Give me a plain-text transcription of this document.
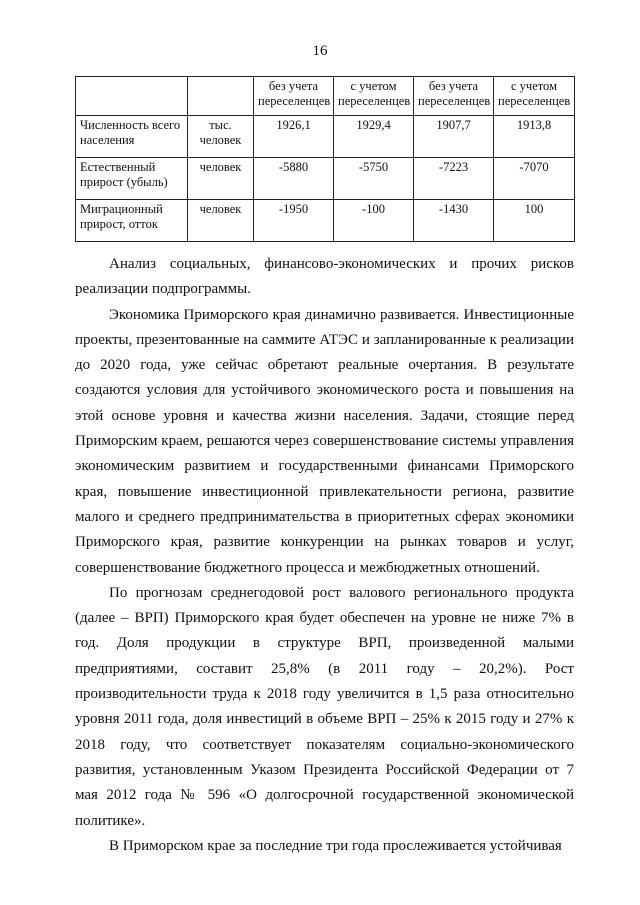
16
		без учета переселенцев	с учетом переселенцев	без учета переселенцев	с учетом переселенцев
Численность всего населения	тыс. человек	1926,1	1929,4	1907,7	1913,8
Естественный прирост (убыль)	человек	-5880	-5750	-7223	-7070
Миграционный прирост, отток	человек	-1950	-100	-1430	100

Анализ социальных, финансово-экономических и прочих рисков реализации подпрограммы.

Экономика Приморского края динамично развивается. Инвестиционные проекты, презентованные на саммите АТЭС и запланированные к реализации до 2020 года, уже сейчас обретают реальные очертания. В результате создаются условия для устойчивого экономического роста и повышения на этой основе уровня и качества жизни населения. Задачи, стоящие перед Приморским краем, решаются через совершенствование системы управления экономическим развитием и государственными финансами Приморского края, повышение инвестиционной привлекательности региона, развитие малого и среднего предпринимательства в приоритетных сферах экономики Приморского края, развитие конкуренции на рынках товаров и услуг, совершенствование бюджетного процесса и межбюджетных отношений.

По прогнозам среднегодовой рост валового регионального продукта (далее – ВРП) Приморского края будет обеспечен на уровне не ниже 7% в год. Доля продукции в структуре ВРП, произведенной малыми предприятиями, составит 25,8% (в 2011 году – 20,2%). Рост производительности труда к 2018 году увеличится в 1,5 раза относительно уровня 2011 года, доля инвестиций в объеме ВРП – 25% к 2015 году и 27% к 2018 году, что соответствует показателям социально-экономического развития, установленным Указом Президента Российской Федерации от 7 мая 2012 года № 596 «О долгосрочной государственной экономической политике».

В Приморском крае за последние три года прослеживается устойчивая
